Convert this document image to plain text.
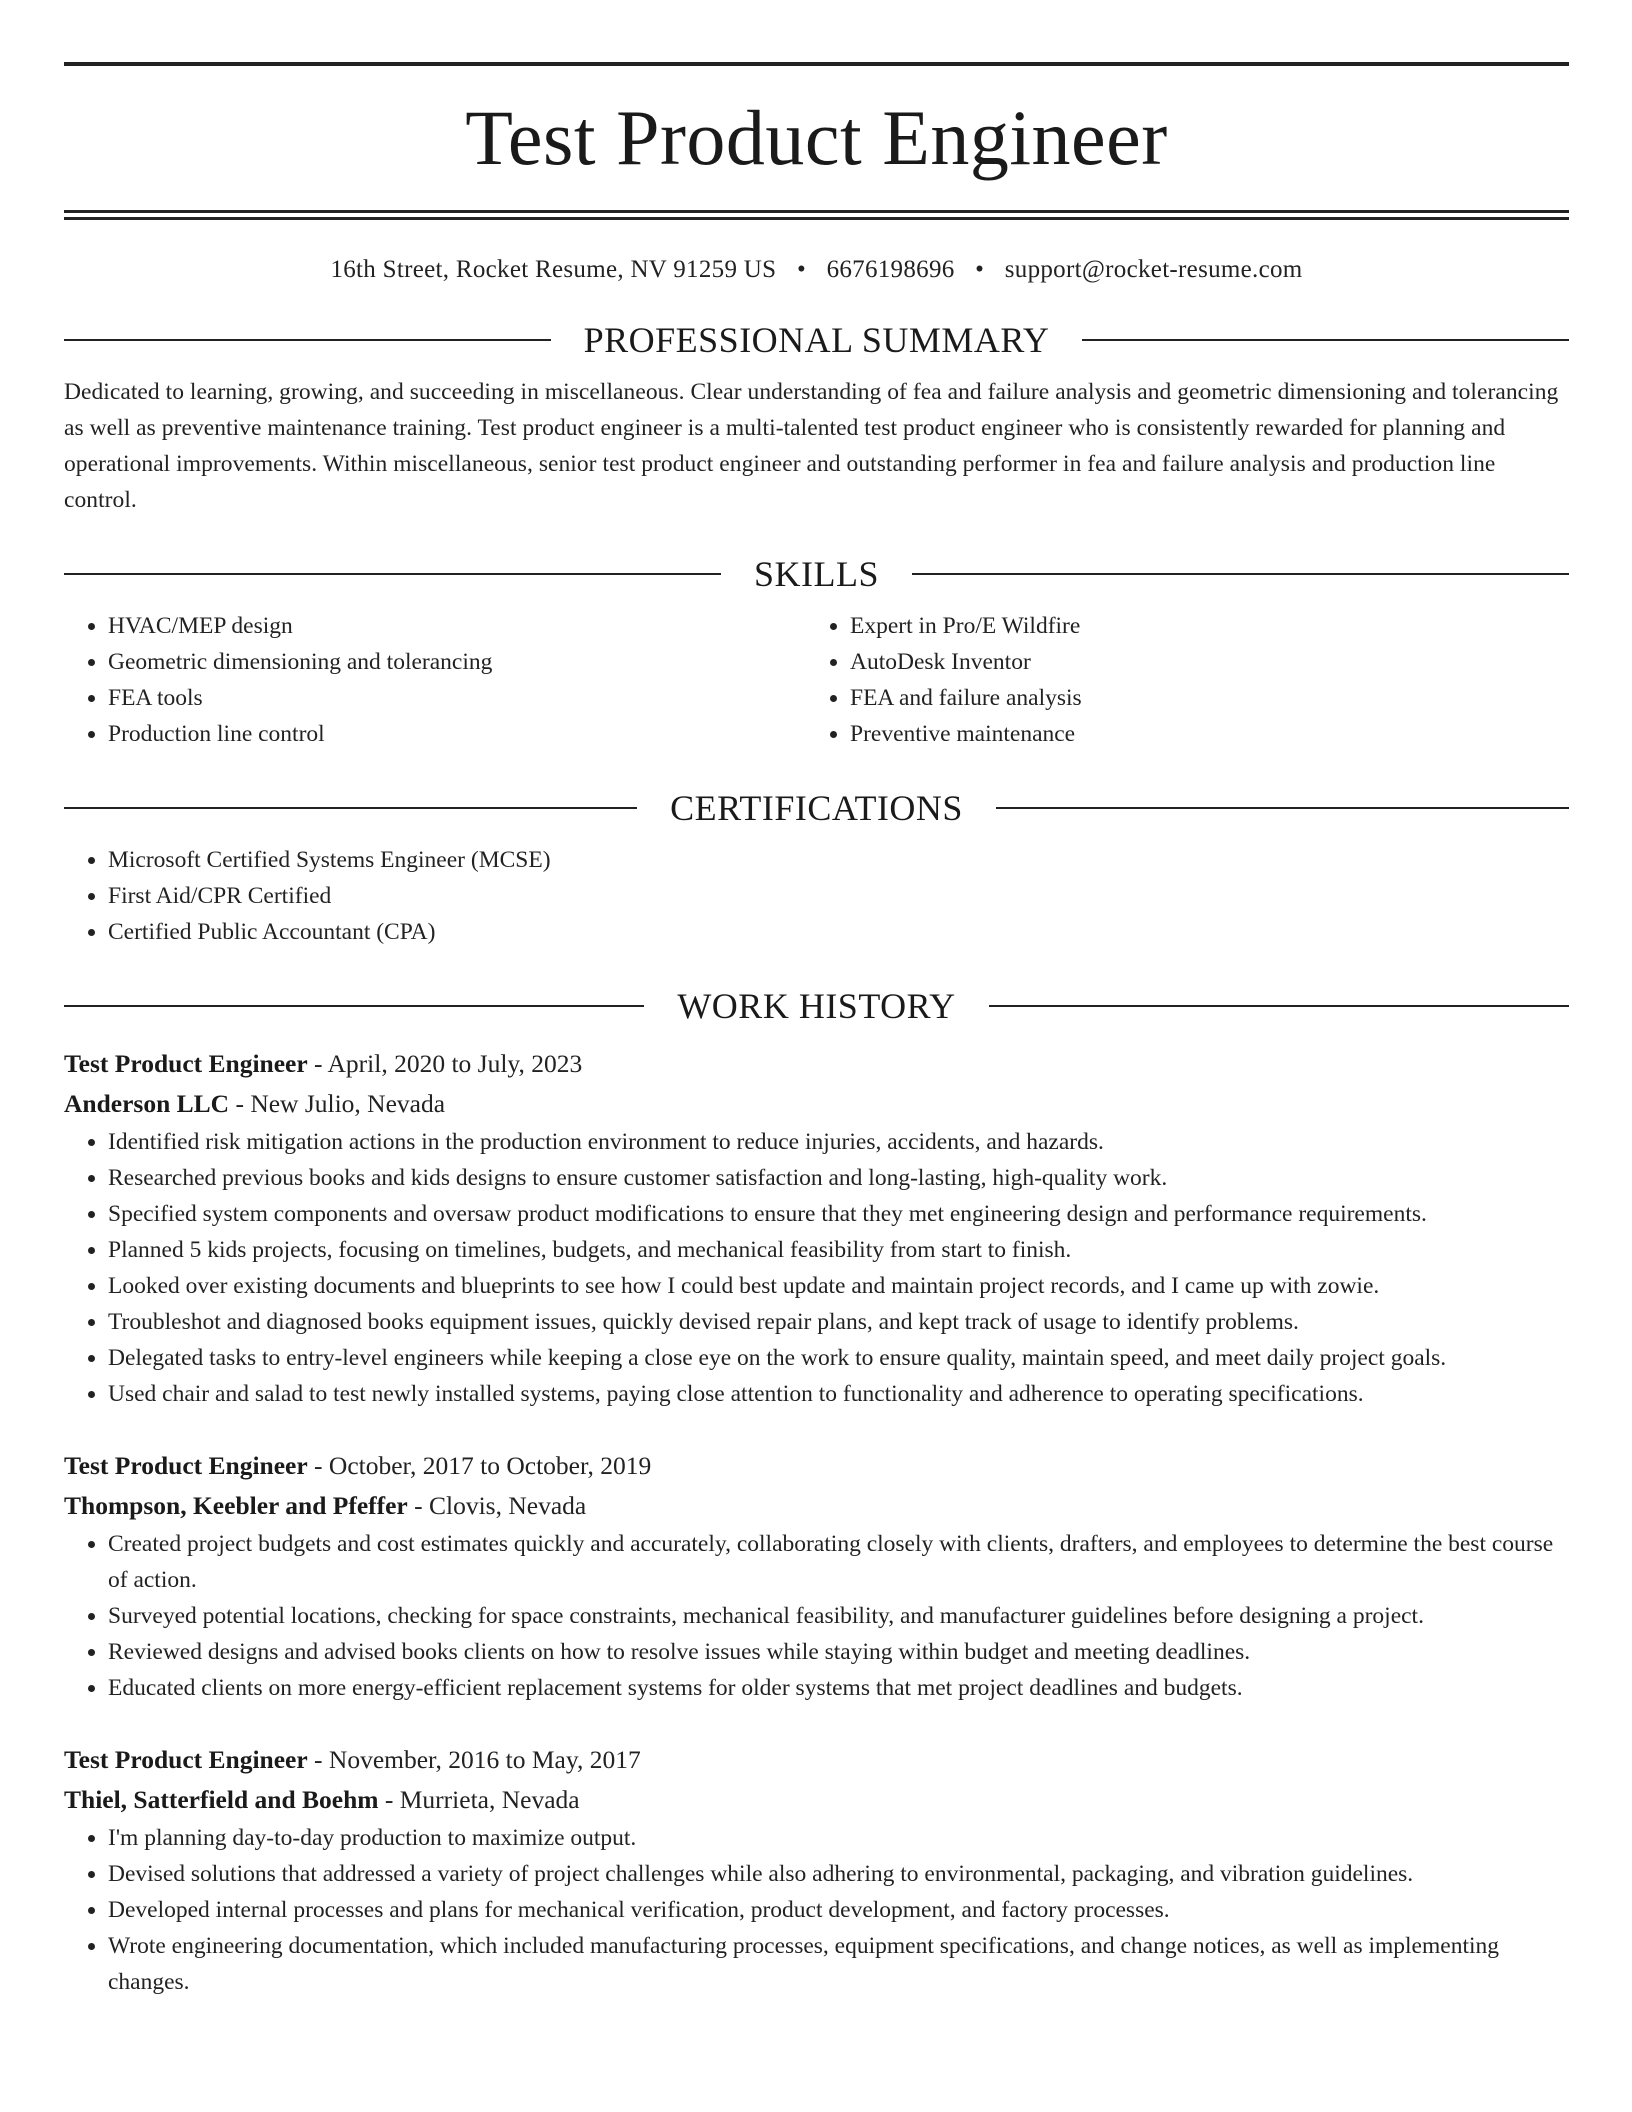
Test Product Engineer
16th Street, Rocket Resume, NV 91259 US • 6676198696 • support@rocket-resume.com
PROFESSIONAL SUMMARY
Dedicated to learning, growing, and succeeding in miscellaneous. Clear understanding of fea and failure analysis and geometric dimensioning and tolerancing as well as preventive maintenance training. Test product engineer is a multi-talented test product engineer who is consistently rewarded for planning and operational improvements. Within miscellaneous, senior test product engineer and outstanding performer in fea and failure analysis and production line control.
SKILLS
• HVAC/MEP design
• Geometric dimensioning and tolerancing
• FEA tools
• Production line control
• Expert in Pro/E Wildfire
• AutoDesk Inventor
• FEA and failure analysis
• Preventive maintenance
CERTIFICATIONS
• Microsoft Certified Systems Engineer (MCSE)
• First Aid/CPR Certified
• Certified Public Accountant (CPA)
WORK HISTORY
Test Product Engineer - April, 2020 to July, 2023
Anderson LLC - New Julio, Nevada
• Identified risk mitigation actions in the production environment to reduce injuries, accidents, and hazards.
• Researched previous books and kids designs to ensure customer satisfaction and long-lasting, high-quality work.
• Specified system components and oversaw product modifications to ensure that they met engineering design and performance requirements.
• Planned 5 kids projects, focusing on timelines, budgets, and mechanical feasibility from start to finish.
• Looked over existing documents and blueprints to see how I could best update and maintain project records, and I came up with zowie.
• Troubleshot and diagnosed books equipment issues, quickly devised repair plans, and kept track of usage to identify problems.
• Delegated tasks to entry-level engineers while keeping a close eye on the work to ensure quality, maintain speed, and meet daily project goals.
• Used chair and salad to test newly installed systems, paying close attention to functionality and adherence to operating specifications.
Test Product Engineer - October, 2017 to October, 2019
Thompson, Keebler and Pfeffer - Clovis, Nevada
• Created project budgets and cost estimates quickly and accurately, collaborating closely with clients, drafters, and employees to determine the best course of action.
• Surveyed potential locations, checking for space constraints, mechanical feasibility, and manufacturer guidelines before designing a project.
• Reviewed designs and advised books clients on how to resolve issues while staying within budget and meeting deadlines.
• Educated clients on more energy-efficient replacement systems for older systems that met project deadlines and budgets.
Test Product Engineer - November, 2016 to May, 2017
Thiel, Satterfield and Boehm - Murrieta, Nevada
• I'm planning day-to-day production to maximize output.
• Devised solutions that addressed a variety of project challenges while also adhering to environmental, packaging, and vibration guidelines.
• Developed internal processes and plans for mechanical verification, product development, and factory processes.
• Wrote engineering documentation, which included manufacturing processes, equipment specifications, and change notices, as well as implementing changes.
